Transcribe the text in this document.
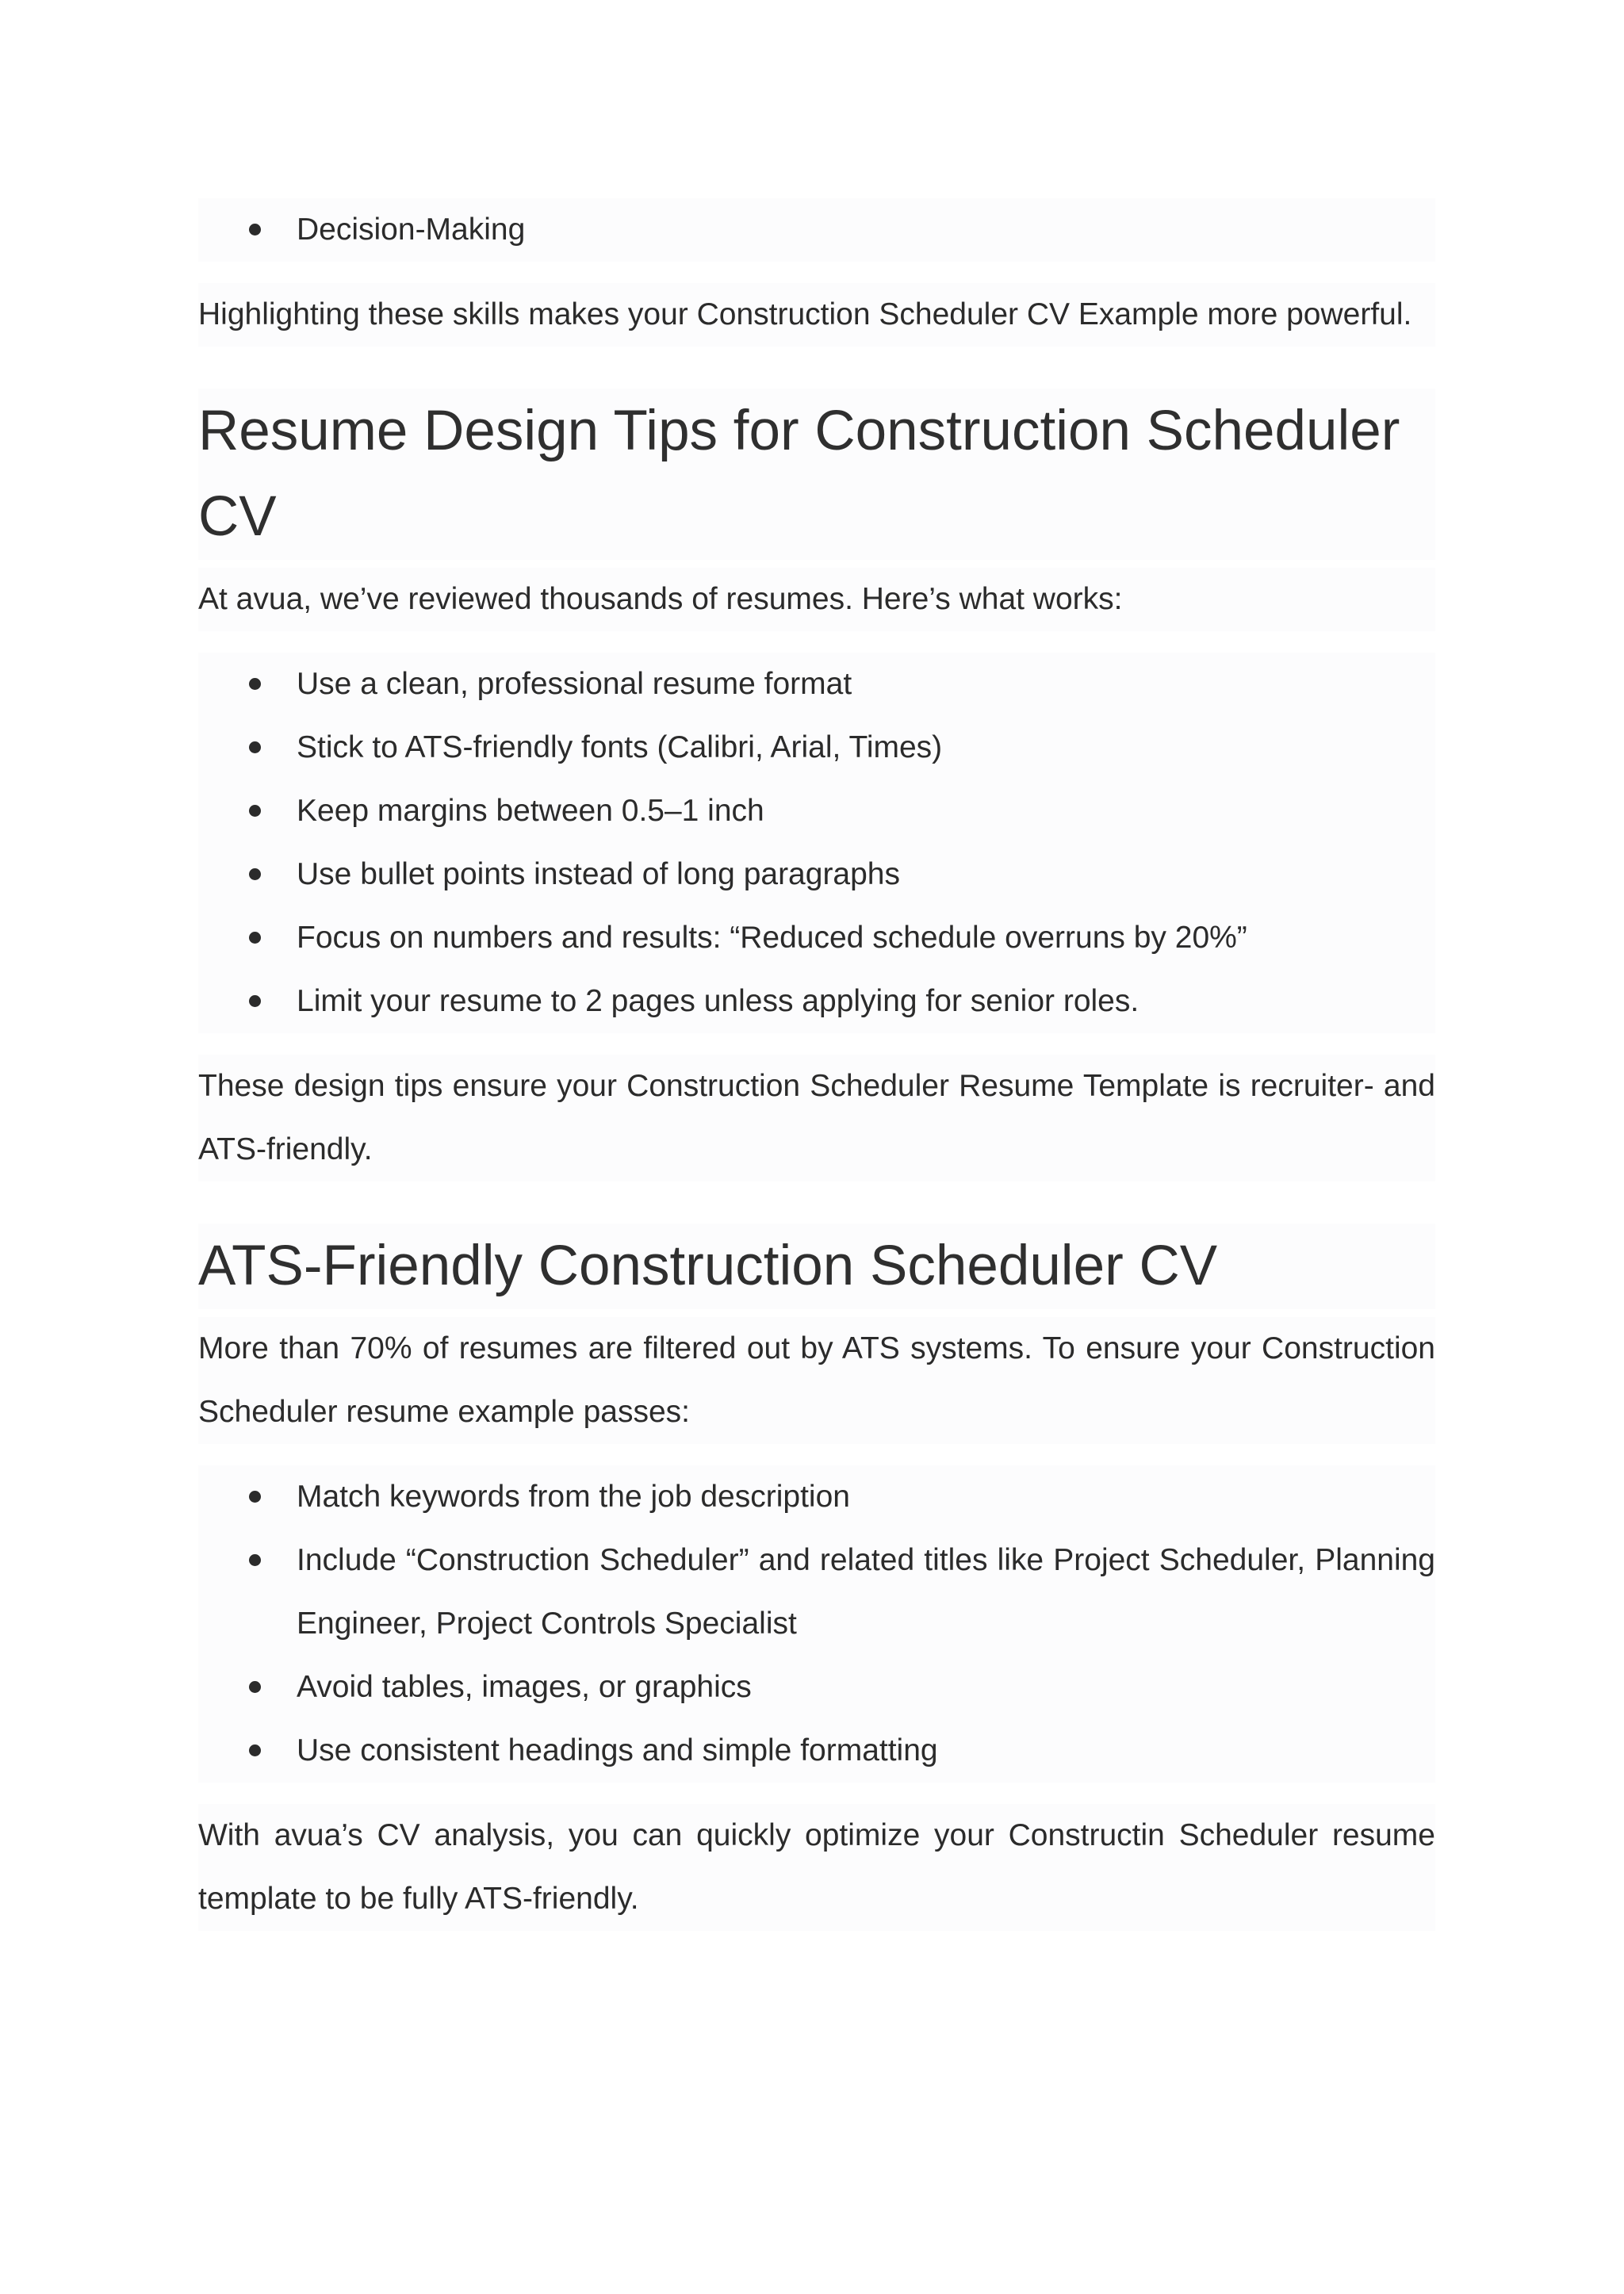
Decision-Making

Highlighting these skills makes your Construction Scheduler CV Example more powerful.

Resume Design Tips for Construction Scheduler CV

At avua, we’ve reviewed thousands of resumes. Here’s what works:

Use a clean, professional resume format
Stick to ATS-friendly fonts (Calibri, Arial, Times)
Keep margins between 0.5–1 inch
Use bullet points instead of long paragraphs
Focus on numbers and results: “Reduced schedule overruns by 20%”
Limit your resume to 2 pages unless applying for senior roles.

These design tips ensure your Construction Scheduler Resume Template is recruiter- and ATS-friendly.

ATS-Friendly Construction Scheduler CV

More than 70% of resumes are filtered out by ATS systems. To ensure your Construction Scheduler resume example passes:

Match keywords from the job description
Include “Construction Scheduler” and related titles like Project Scheduler, Planning Engineer, Project Controls Specialist
Avoid tables, images, or graphics
Use consistent headings and simple formatting

With avua’s CV analysis, you can quickly optimize your Constructin Scheduler resume template to be fully ATS-friendly.
